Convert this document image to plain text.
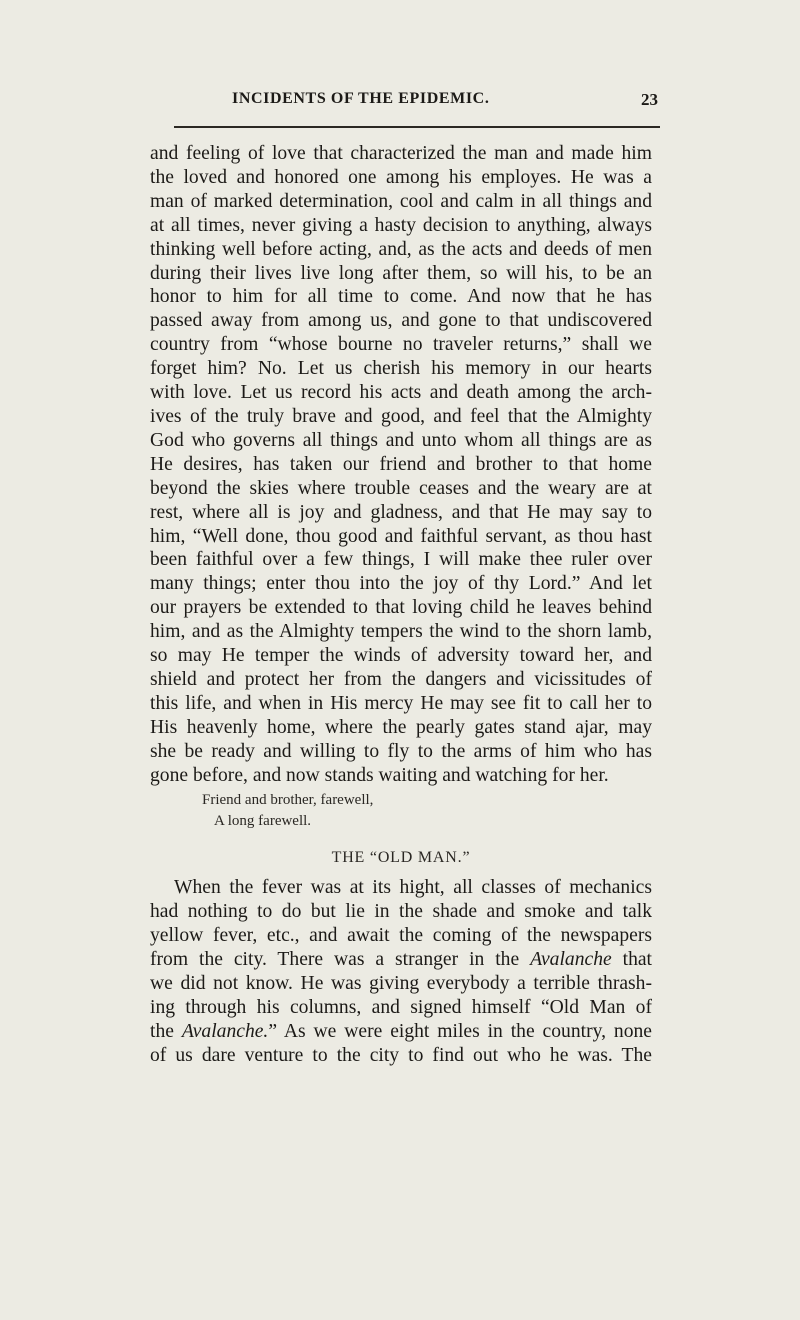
INCIDENTS OF THE EPIDEMIC.	23

and feeling of love that characterized the man and made him
the loved and honored one among his employes. He was a
man of marked determination, cool and calm in all things and
at all times, never giving a hasty decision to anything, always
thinking well before acting, and, as the acts and deeds of men
during their lives live long after them, so will his, to be an
honor to him for all time to come. And now that he has
passed away from among us, and gone to that undiscovered
country from “whose bourne no traveler returns,” shall we
forget him? No. Let us cherish his memory in our hearts
with love. Let us record his acts and death among the arch-
ives of the truly brave and good, and feel that the Almighty
God who governs all things and unto whom all things are as
He desires, has taken our friend and brother to that home
beyond the skies where trouble ceases and the weary are at
rest, where all is joy and gladness, and that He may say to
him, “Well done, thou good and faithful servant, as thou hast
been faithful over a few things, I will make thee ruler over
many things; enter thou into the joy of thy Lord.” And let
our prayers be extended to that loving child he leaves behind
him, and as the Almighty tempers the wind to the shorn lamb,
so may He temper the winds of adversity toward her, and
shield and protect her from the dangers and vicissitudes of
this life, and when in His mercy He may see fit to call her to
His heavenly home, where the pearly gates stand ajar, may
she be ready and willing to fly to the arms of him who has
gone before, and now stands waiting and watching for her.

Friend and brother, farewell,
A long farewell.
THE “OLD MAN.”

When the fever was at its hight, all classes of mechanics
had nothing to do but lie in the shade and smoke and talk
yellow fever, etc., and await the coming of the newspapers
from the city. There was a stranger in the Avalanche that
we did not know. He was giving everybody a terrible thrash-
ing through his columns, and signed himself “Old Man of
the Avalanche.” As we were eight miles in the country, none
of us dare venture to the city to find out who he was. The
